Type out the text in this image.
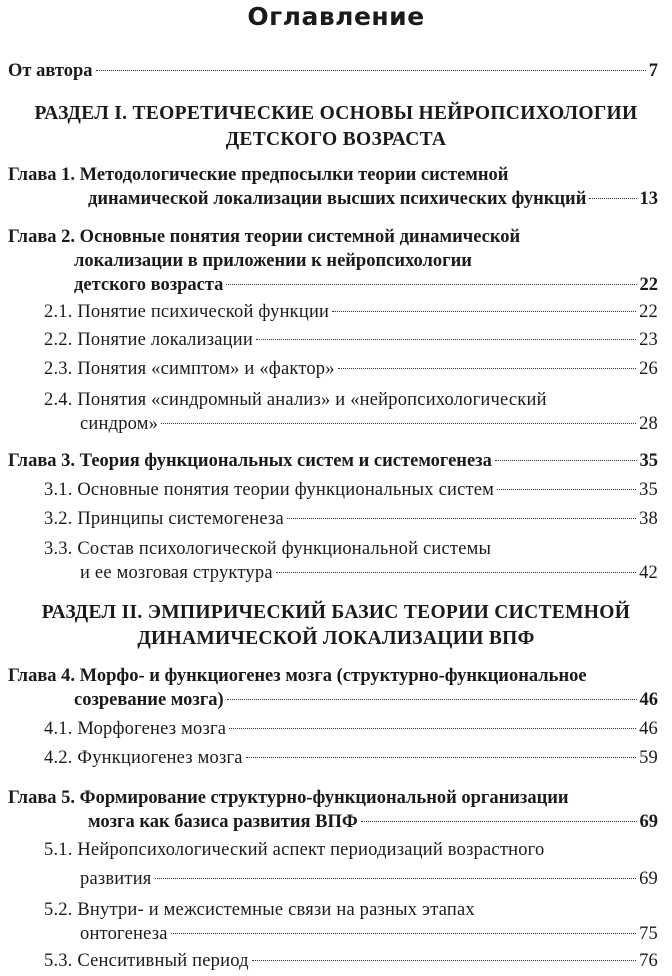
Оглавление
От автора	7
РАЗДЕЛ I. ТЕОРЕТИЧЕСКИЕ ОСНОВЫ НЕЙРОПСИХОЛОГИИ
ДЕТСКОГО ВОЗРАСТА
Глава 1. Методологические предпосылки теории системной
динамической локализации высших психических функций	13
Глава 2. Основные понятия теории системной динамической
локализации в приложении к нейропсихологии
детского возраста	22
2.1. Понятие психической функции	22
2.2. Понятие локализации	23
2.3. Понятия «симптом» и «фактор»	26
2.4. Понятия «синдромный анализ» и «нейропсихологический
синдром»	28
Глава 3. Теория функциональных систем и системогенеза	35
3.1. Основные понятия теории функциональных систем	35
3.2. Принципы системогенеза	38
3.3. Состав психологической функциональной системы
и ее мозговая структура	42
РАЗДЕЛ II. ЭМПИРИЧЕСКИЙ БАЗИС ТЕОРИИ СИСТЕМНОЙ
ДИНАМИЧЕСКОЙ ЛОКАЛИЗАЦИИ ВПФ
Глава 4. Морфо- и функциогенез мозга (структурно-функциональное
созревание мозга)	46
4.1. Морфогенез мозга	46
4.2. Функциогенез мозга	59
Глава 5. Формирование структурно-функциональной организации
мозга как базиса развития ВПФ	69
5.1. Нейропсихологический аспект периодизаций возрастного
развития	69
5.2. Внутри- и межсистемные связи на разных этапах
онтогенеза	75
5.3. Сенситивный период	76
